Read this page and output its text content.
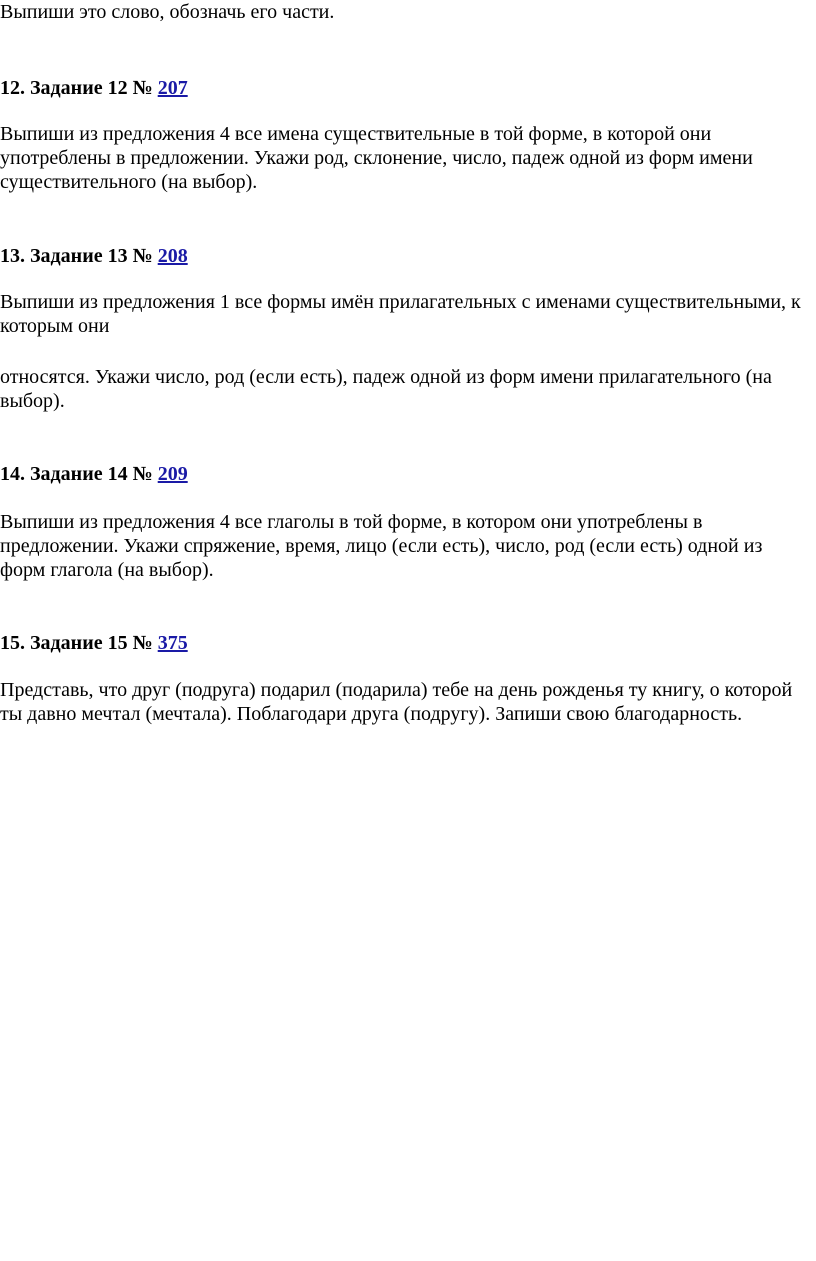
Выпиши это слово, обозначь его части.

12. Задание 12 № 207

Выпиши из предложения 4 все имена существительные в той форме, в которой они употреблены в предложении. Укажи род, склонение, число, падеж одной из форм имени существительного (на выбор).

13. Задание 13 № 208

Выпиши из предложения 1 все формы имён прилагательных с именами существительными, к которым они

относятся. Укажи число, род (если есть), падеж одной из форм имени прилагательного (на выбор).

14. Задание 14 № 209

Выпиши из предложения 4 все глаголы в той форме, в котором они употреблены в предложении. Укажи спряжение, время, лицо (если есть), число, род (если есть) одной из форм глагола (на выбор).

15. Задание 15 № 375

Представь, что друг (подруга) подарил (подарила) тебе на день рожденья ту книгу, о которой ты давно мечтал (мечтала). Поблагодари друга (подругу). Запиши свою благодарность.
